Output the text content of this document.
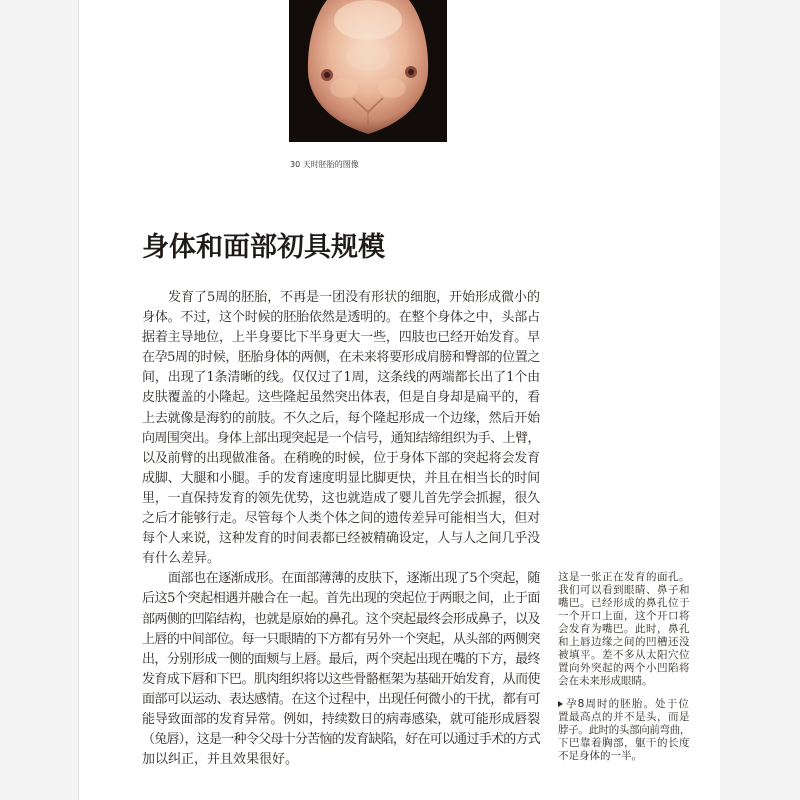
30 天时胚胎的图像
身体和面部初具规模
发育了5周的胚胎，不再是一团没有形状的细胞，开始形成微小的
身体。不过，这个时候的胚胎依然是透明的。在整个身体之中，头部占
据着主导地位，上半身要比下半身更大一些，四肢也已经开始发育。早
在孕5周的时候，胚胎身体的两侧，在未来将要形成肩膀和臀部的位置之
间，出现了1条清晰的线。仅仅过了1周，这条线的两端都长出了1个由
皮肤覆盖的小隆起。这些隆起虽然突出体表，但是自身却是扁平的，看
上去就像是海豹的前肢。不久之后，每个隆起形成一个边缘，然后开始
向周围突出。身体上部出现突起是一个信号，通知结缔组织为手、上臂，
以及前臂的出现做准备。在稍晚的时候，位于身体下部的突起将会发育
成脚、大腿和小腿。手的发育速度明显比脚更快，并且在相当长的时间
里，一直保持发育的领先优势，这也就造成了婴儿首先学会抓握，很久
之后才能够行走。尽管每个人类个体之间的遗传差异可能相当大，但对
每个人来说，这种发育的时间表都已经被精确设定，人与人之间几乎没
有什么差异。
面部也在逐渐成形。在面部薄薄的皮肤下，逐渐出现了5个突起，随
后这5个突起相遇并融合在一起。首先出现的突起位于两眼之间，止于面
部两侧的凹陷结构，也就是原始的鼻孔。这个突起最终会形成鼻子，以及
上唇的中间部位。每一只眼睛的下方都有另外一个突起，从头部的两侧突
出，分别形成一侧的面颊与上唇。最后，两个突起出现在嘴的下方，最终
发育成下唇和下巴。肌肉组织将以这些骨骼框架为基础开始发育，从而使
面部可以运动、表达感情。在这个过程中，出现任何微小的干扰，都有可
能导致面部的发育异常。例如，持续数日的病毒感染，就可能形成唇裂
（兔唇），这是一种令父母十分苦恼的发育缺陷，好在可以通过手术的方式
加以纠正，并且效果很好。
这是一张正在发育的面孔。
我们可以看到眼睛、鼻子和
嘴巴。已经形成的鼻孔位于
一个开口上面，这个开口将
会发育为嘴巴。此时，鼻孔
和上唇边缘之间的凹槽还没
被填平。差不多从太阳穴位
置向外突起的两个小凹陷将
会在未来形成眼睛。
孕8周时的胚胎。处于位
置最高点的并不是头，而是
脖子。此时的头部向前弯曲，
下巴靠着胸部，躯干的长度
不足身体的一半。
